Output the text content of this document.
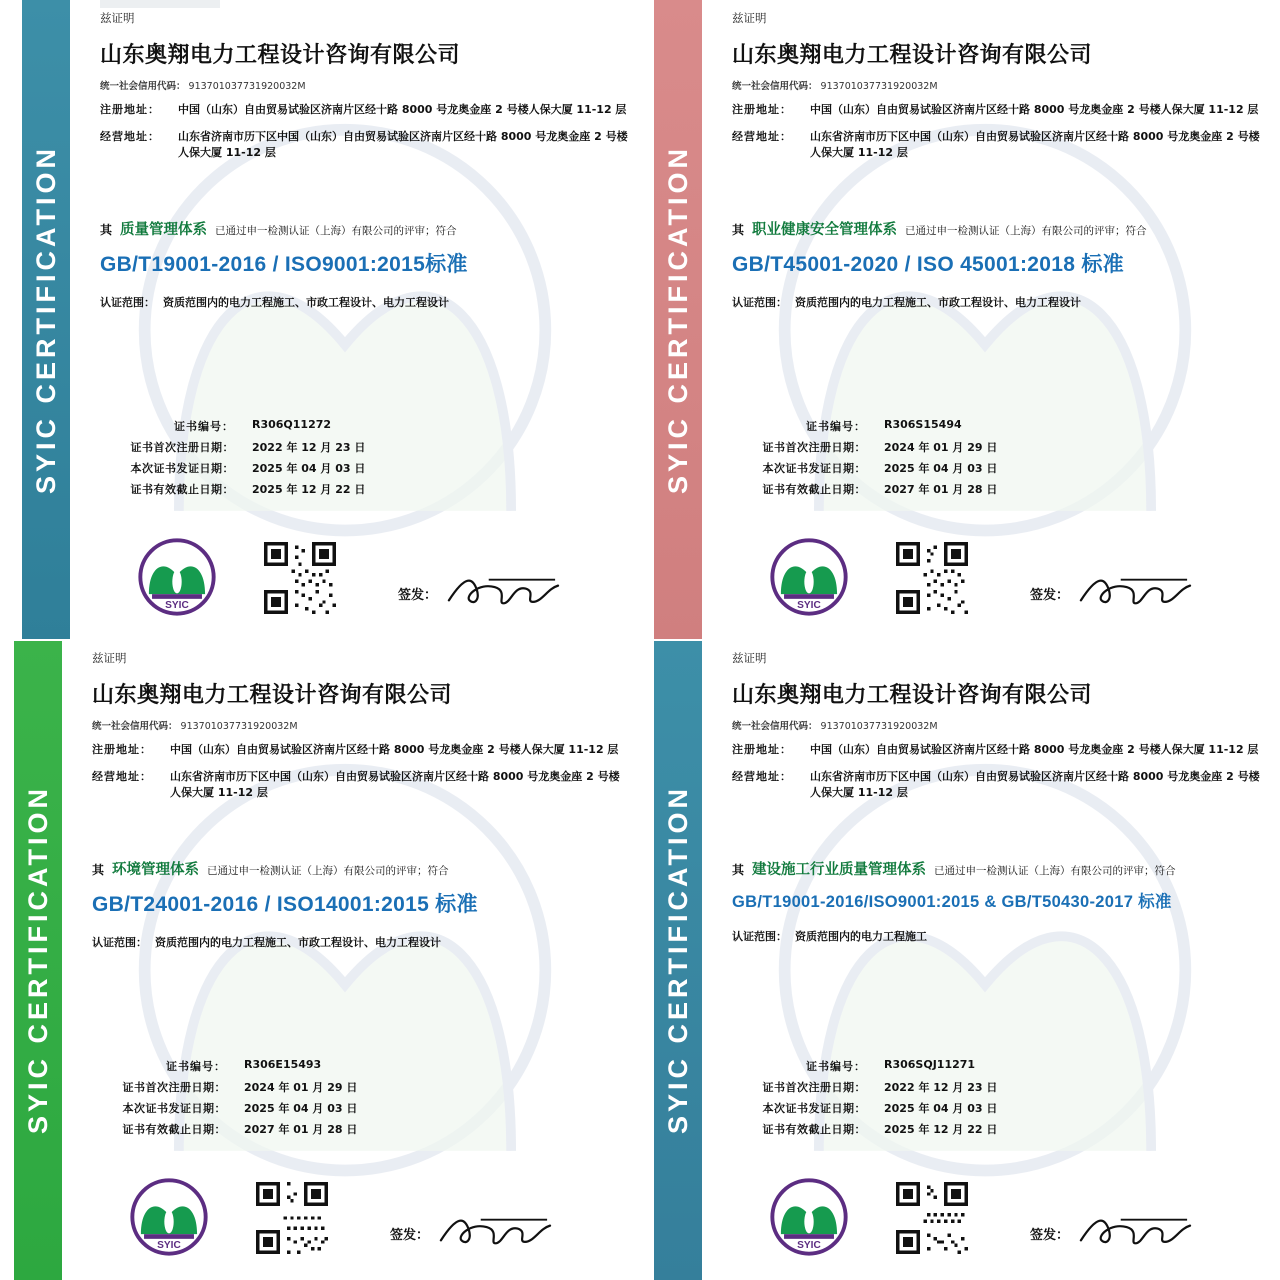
SYIC CERTIFICATION
兹证明
山东奥翔电力工程设计咨询有限公司
统一社会信用代码： 913701037731920032M
注册地址：	中国（山东）自由贸易试验区济南片区经十路 8000 号龙奥金座 2 号楼人保大厦 11-12 层
经营地址：	山东省济南市历下区中国（山东）自由贸易试验区济南片区经十路 8000 号龙奥金座 2 号楼人保大厦 11-12 层
其 质量管理体系 已通过申一检测认证（上海）有限公司的评审；符合
GB/T19001-2016 / ISO9001:2015标准
认证范围： 资质范围内的电力工程施工、市政工程设计、电力工程设计
证书编号： R306Q11272
证书首次注册日期： 2022 年 12 月 23 日
本次证书发证日期： 2025 年 04 月 03 日
证书有效截止日期： 2025 年 12 月 22 日
SYIC
签发：
SYIC CERTIFICATION
兹证明
山东奥翔电力工程设计咨询有限公司
统一社会信用代码： 913701037731920032M
注册地址：	中国（山东）自由贸易试验区济南片区经十路 8000 号龙奥金座 2 号楼人保大厦 11-12 层
经营地址：	山东省济南市历下区中国（山东）自由贸易试验区济南片区经十路 8000 号龙奥金座 2 号楼人保大厦 11-12 层
其 职业健康安全管理体系 已通过申一检测认证（上海）有限公司的评审；符合
GB/T45001-2020 / ISO 45001:2018 标准
认证范围： 资质范围内的电力工程施工、市政工程设计、电力工程设计
证书编号： R306S15494
证书首次注册日期： 2024 年 01 月 29 日
本次证书发证日期： 2025 年 04 月 03 日
证书有效截止日期： 2027 年 01 月 28 日
SYIC
签发：
SYIC CERTIFICATION
兹证明
山东奥翔电力工程设计咨询有限公司
统一社会信用代码： 913701037731920032M
注册地址：	中国（山东）自由贸易试验区济南片区经十路 8000 号龙奥金座 2 号楼人保大厦 11-12 层
经营地址：	山东省济南市历下区中国（山东）自由贸易试验区济南片区经十路 8000 号龙奥金座 2 号楼人保大厦 11-12 层
其 环境管理体系 已通过申一检测认证（上海）有限公司的评审；符合
GB/T24001-2016 / ISO14001:2015 标准
认证范围： 资质范围内的电力工程施工、市政工程设计、电力工程设计
证书编号： R306E15493
证书首次注册日期： 2024 年 01 月 29 日
本次证书发证日期： 2025 年 04 月 03 日
证书有效截止日期： 2027 年 01 月 28 日
SYIC
签发：
SYIC CERTIFICATION
兹证明
山东奥翔电力工程设计咨询有限公司
统一社会信用代码： 913701037731920032M
注册地址：	中国（山东）自由贸易试验区济南片区经十路 8000 号龙奥金座 2 号楼人保大厦 11-12 层
经营地址：	山东省济南市历下区中国（山东）自由贸易试验区济南片区经十路 8000 号龙奥金座 2 号楼人保大厦 11-12 层
其 建设施工行业质量管理体系 已通过申一检测认证（上海）有限公司的评审；符合
GB/T19001-2016/ISO9001:2015 & GB/T50430-2017 标准
认证范围： 资质范围内的电力工程施工
证书编号： R306SQJ11271
证书首次注册日期： 2022 年 12 月 23 日
本次证书发证日期： 2025 年 04 月 03 日
证书有效截止日期： 2025 年 12 月 22 日
SYIC
签发：
